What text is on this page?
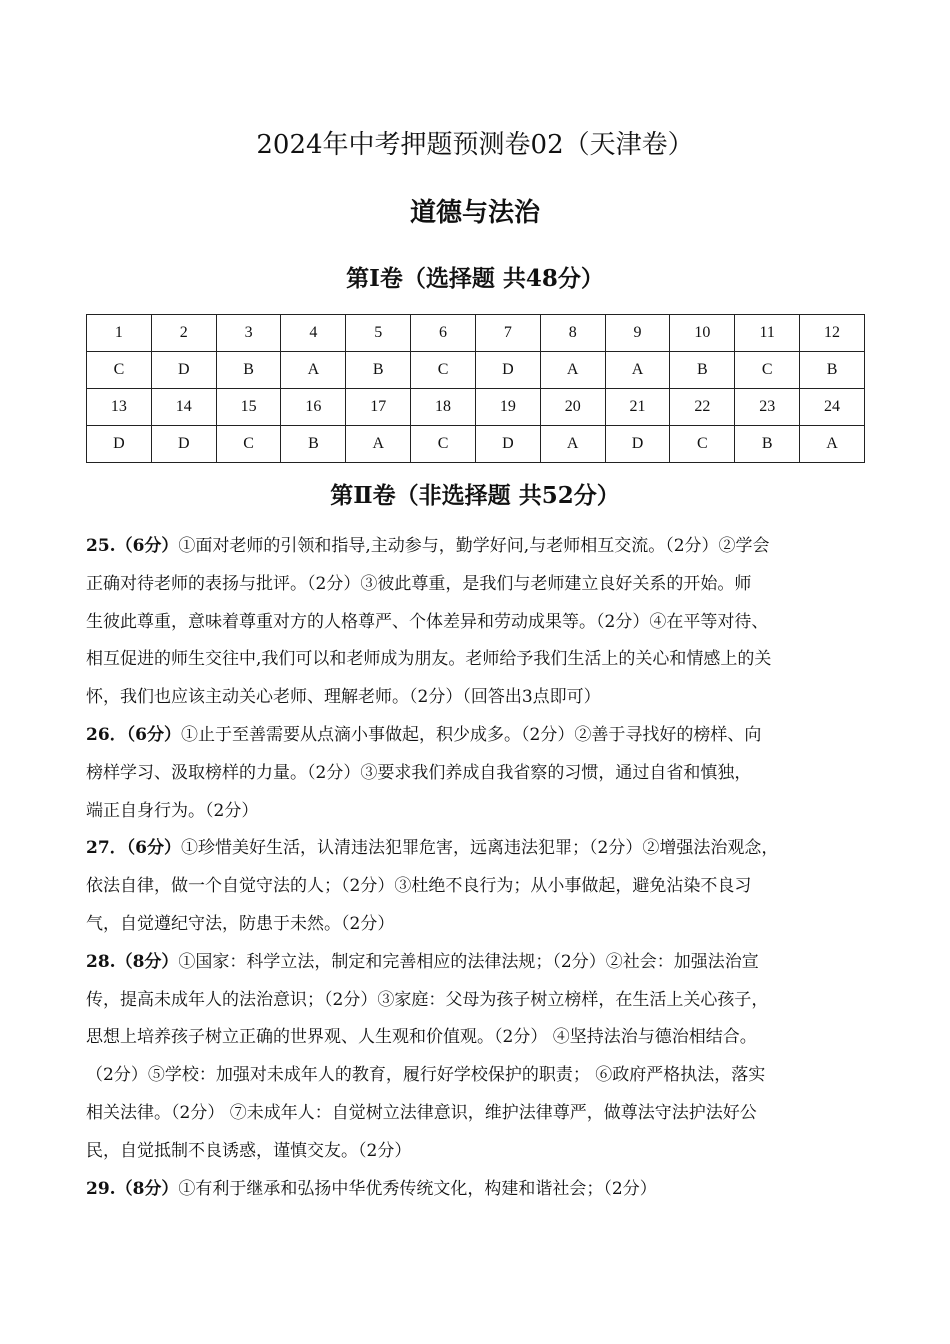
2024年中考押题预测卷02（天津卷）
道德与法治
第Ⅰ卷（选择题 共48分）
1	2	3	4	5	6	7	8	9	10	11	12
C	D	B	A	B	C	D	A	A	B	C	B
13	14	15	16	17	18	19	20	21	22	23	24
D	D	C	B	A	C	D	A	D	C	B	A
第Ⅱ卷（非选择题 共52分）
25.（6分）①面对老师的引领和指导,主动参与，勤学好问,与老师相互交流。（2分）②学会
正确对待老师的表扬与批评。（2分）③彼此尊重，是我们与老师建立良好关系的开始。师
生彼此尊重，意味着尊重对方的人格尊严、个体差异和劳动成果等。（2分）④在平等对待、
相互促进的师生交往中,我们可以和老师成为朋友。老师给予我们生活上的关心和情感上的关
怀，我们也应该主动关心老师、理解老师。（2分）（回答出3点即可）
26．（6分）①止于至善需要从点滴小事做起，积少成多。（2分）②善于寻找好的榜样、向
榜样学习、汲取榜样的力量。（2分）③要求我们养成自我省察的习惯，通过自省和慎独，
端正自身行为。（2分）
27．（6分）①珍惜美好生活，认清违法犯罪危害，远离违法犯罪；（2分）②增强法治观念，
依法自律，做一个自觉守法的人；（2分）③杜绝不良行为；从小事做起，避免沾染不良习
气，自觉遵纪守法，防患于未然。（2分）
28.（8分）①国家：科学立法，制定和完善相应的法律法规；（2分）②社会：加强法治宣
传，提高未成年人的法治意识；（2分）③家庭：父母为孩子树立榜样，在生活上关心孩子，
思想上培养孩子树立正确的世界观、人生观和价值观。（2分） ④坚持法治与德治相结合。
（2分）⑤学校：加强对未成年人的教育，履行好学校保护的职责； ⑥政府严格执法，落实
相关法律。（2分） ⑦未成年人：自觉树立法律意识，维护法律尊严，做尊法守法护法好公
民，自觉抵制不良诱惑，谨慎交友。（2分）
29.（8分）①有利于继承和弘扬中华优秀传统文化，构建和谐社会；（2分）
